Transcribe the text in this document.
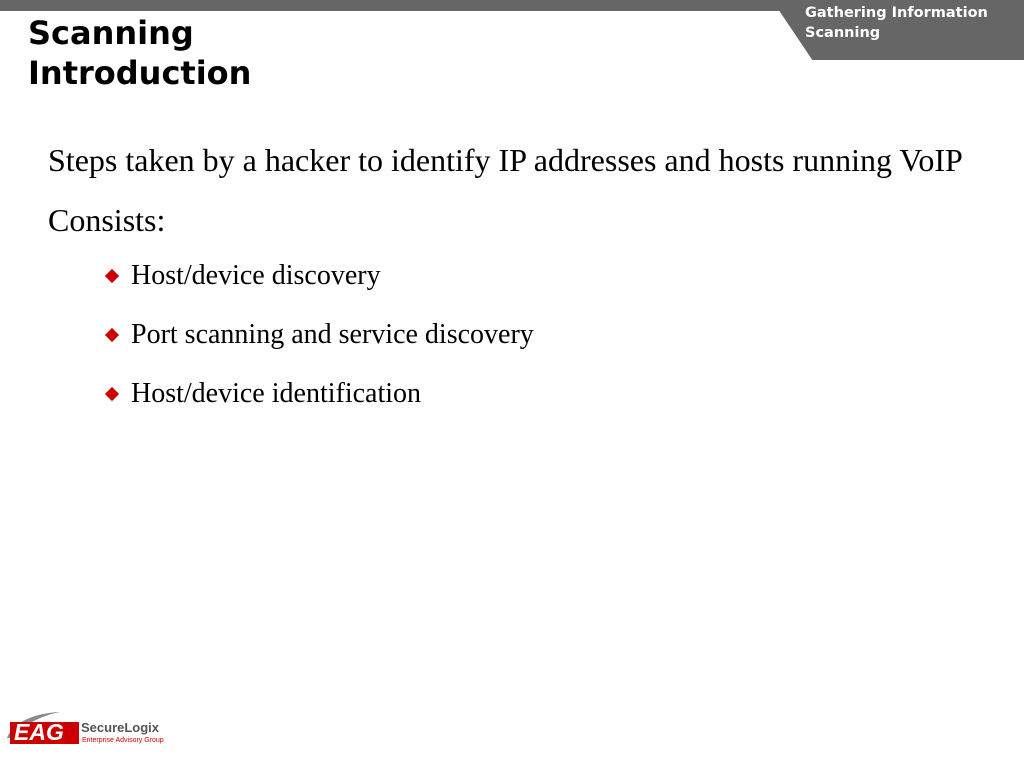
Gathering Information
Scanning
Scanning
Introduction

Steps taken by a hacker to identify IP addresses and hosts running VoIP

Consists:

Host/device discovery
Port scanning and service discovery
Host/device identification
EAG SecureLogix
Enterprise Advisory Group
